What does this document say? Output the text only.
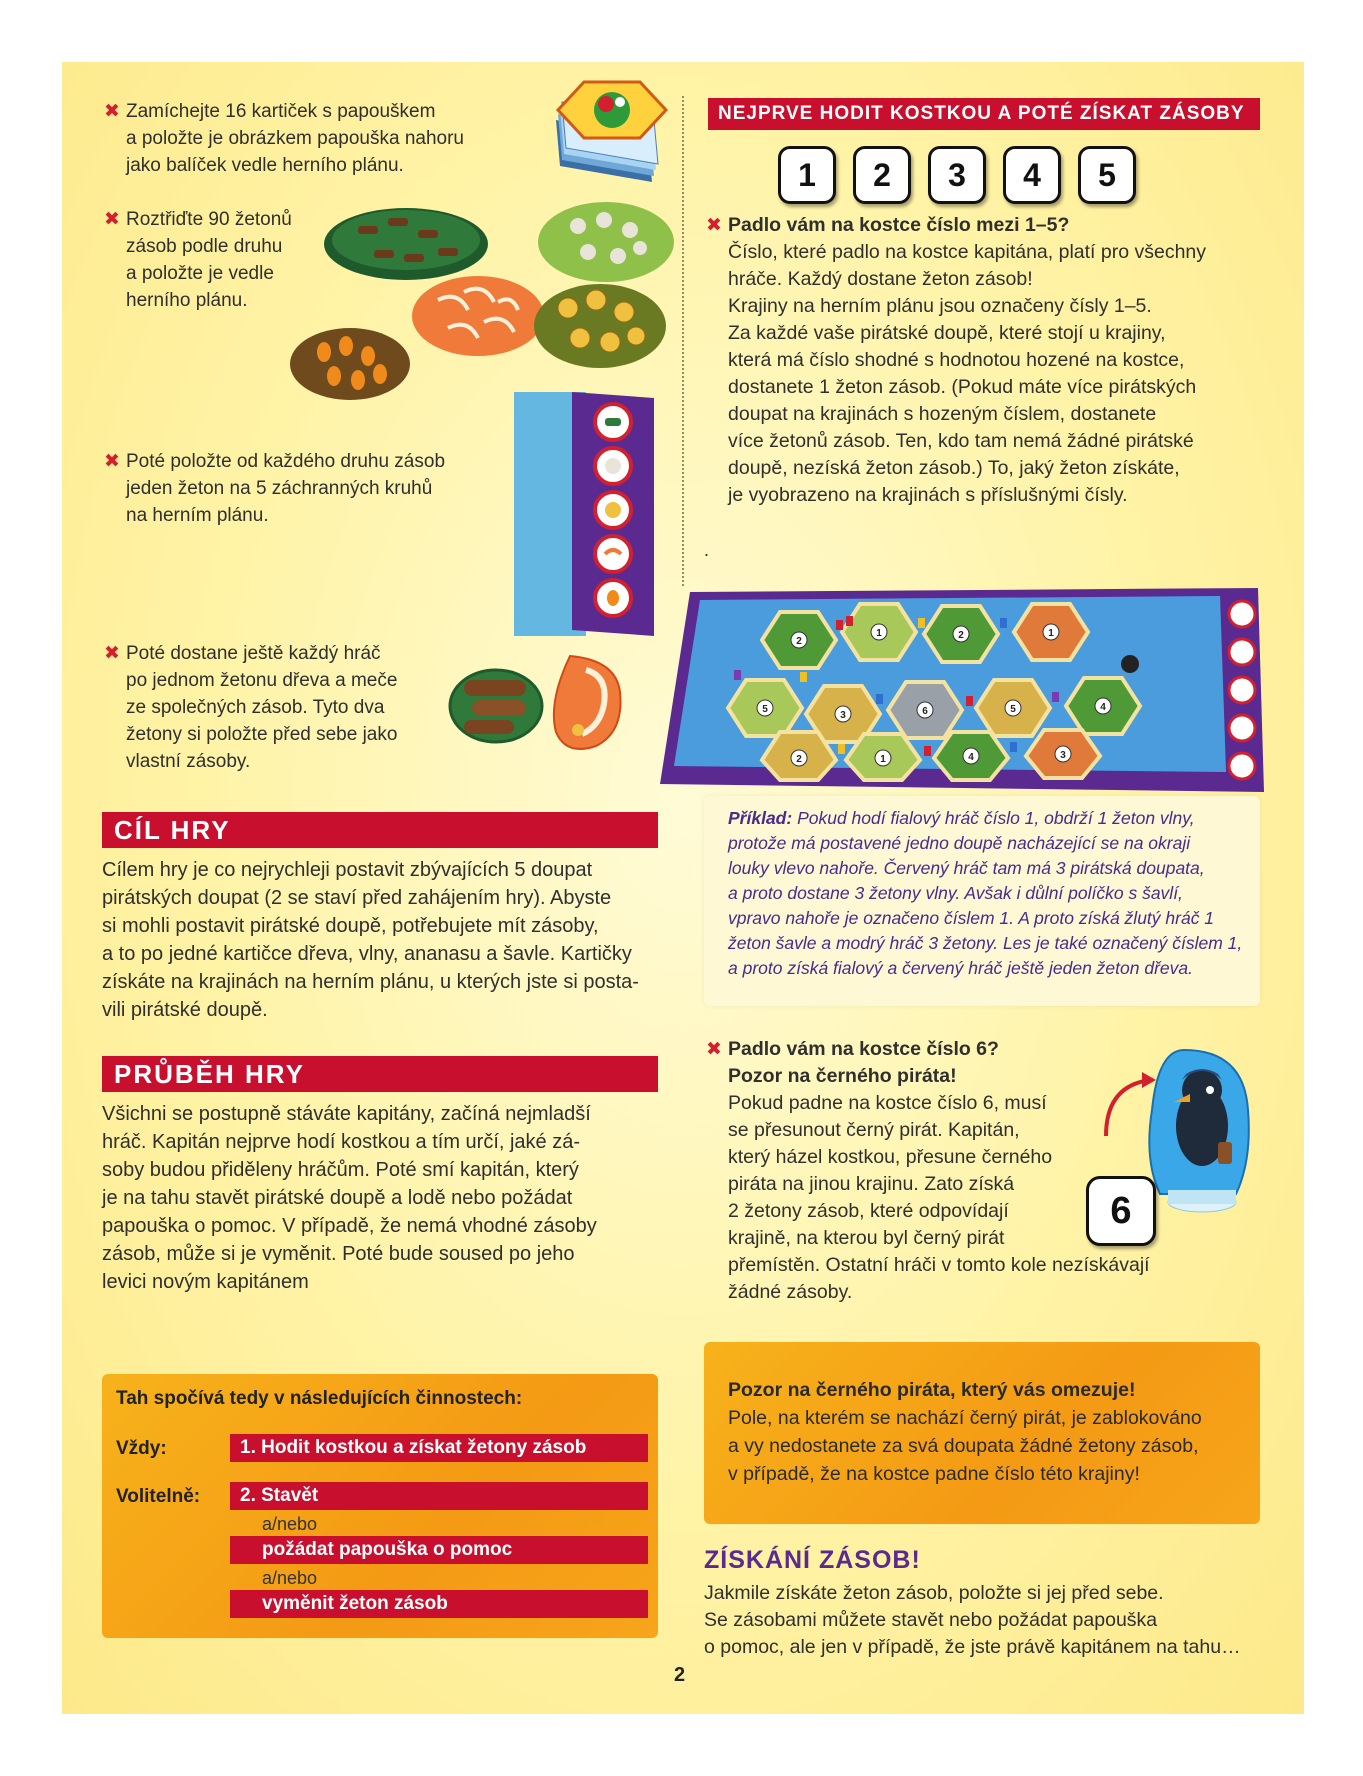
✖ Zamíchejte 16 kartiček s papouškem

a položte je obrázkem papouška nahoru

jako balíček vedle herního plánu.

✖ Roztřiďte 90 žetonů

zásob podle druhu

a položte je vedle

herního plánu.

✖ Poté položte od každého druhu zásob

jeden žeton na 5 záchranných kruhů

na herním plánu.

✖ Poté dostane ještě každý hráč

po jednom žetonu dřeva a meče

ze společných zásob. Tyto dva

žetony si položte před sebe jako

vlastní zásoby.

CÍL HRY

Cílem hry je co nejrychleji postavit zbývajících 5 doupat

pirátských doupat (2 se staví před zahájením hry). Abyste

si mohli postavit pirátské doupě, potřebujete mít zásoby,

a to po jedné kartičce dřeva, vlny, ananasu a šavle. Kartičky

získáte na krajinách na herním plánu, u kterých jste si posta-

vili pirátské doupě.

PRŮBĚH HRY

Všichni se postupně stáváte kapitány, začíná nejmladší

hráč. Kapitán nejprve hodí kostkou a tím určí, jaké zá-

soby budou přiděleny hráčům. Poté smí kapitán, který

je na tahu stavět pirátské doupě a lodě nebo požádat

papouška o pomoc. V případě, že nemá vhodné zásoby

zásob, může si je vyměnit. Poté bude soused po jeho

levici novým kapitánem

Tah spočívá tedy v následujících činnostech:
Vždy:	1. Hodit kostkou a získat žetony zásob
Volitelně:	2. Stavět
a/nebo
požádat papouška o pomoc
a/nebo
vyměnit žeton zásob
NEJPRVE HODIT KOSTKOU A POTÉ ZÍSKAT ZÁSOBY
1	2	3	4	5
✖ Padlo vám na kostce číslo mezi 1–5?

Číslo, které padlo na kostce kapitána, platí pro všechny

hráče. Každý dostane žeton zásob!

Krajiny na herním plánu jsou označeny čísly 1–5.

Za každé vaše pirátské doupě, které stojí u krajiny,

která má číslo shodné s hodnotou hozené na kostce,

dostanete 1 žeton zásob. (Pokud máte více pirátských

doupat na krajinách s hozeným číslem, dostanete

více žetonů zásob. Ten, kdo tam nemá žádné pirátské

doupě, nezíská žeton zásob.) To, jaký žeton získáte,

je vyobrazeno na krajinách s příslušnými čísly.

.
2
1	2	1
5
3	6	5	4
2	1	4	3

Příklad: Pokud hodí fialový hráč číslo 1, obdrží 1 žeton vlny,

protože má postavené jedno doupě nacházející se na okraji

louky vlevo nahoře. Červený hráč tam má 3 pirátská doupata,

a proto dostane 3 žetony vlny. Avšak i důlní políčko s šavlí,

vpravo nahoře je označeno číslem 1. A proto získá žlutý hráč 1

žeton šavle a modrý hráč 3 žetony. Les je také označený číslem 1,

a proto získá fialový a červený hráč ještě jeden žeton dřeva.

✖ Padlo vám na kostce číslo 6?

Pozor na černého piráta!

Pokud padne na kostce číslo 6, musí

se přesunout černý pirát. Kapitán,

který házel kostkou, přesune černého

piráta na jinou krajinu. Zato získá

2 žetony zásob, které odpovídají

krajině, na kterou byl černý pirát

přemístěn. Ostatní hráči v tomto kole nezískávají

žádné zásoby.

6

Pozor na černého piráta, který vás omezuje!

Pole, na kterém se nachází černý pirát, je zablokováno

a vy nedostanete za svá doupata žádné žetony zásob,

v případě, že na kostce padne číslo této krajiny!

ZÍSKÁNÍ ZÁSOB!

Jakmile získáte žeton zásob, položte si jej před sebe.

Se zásobami můžete stavět nebo požádat papouška

o pomoc, ale jen v případě, že jste právě kapitánem na tahu…

2
